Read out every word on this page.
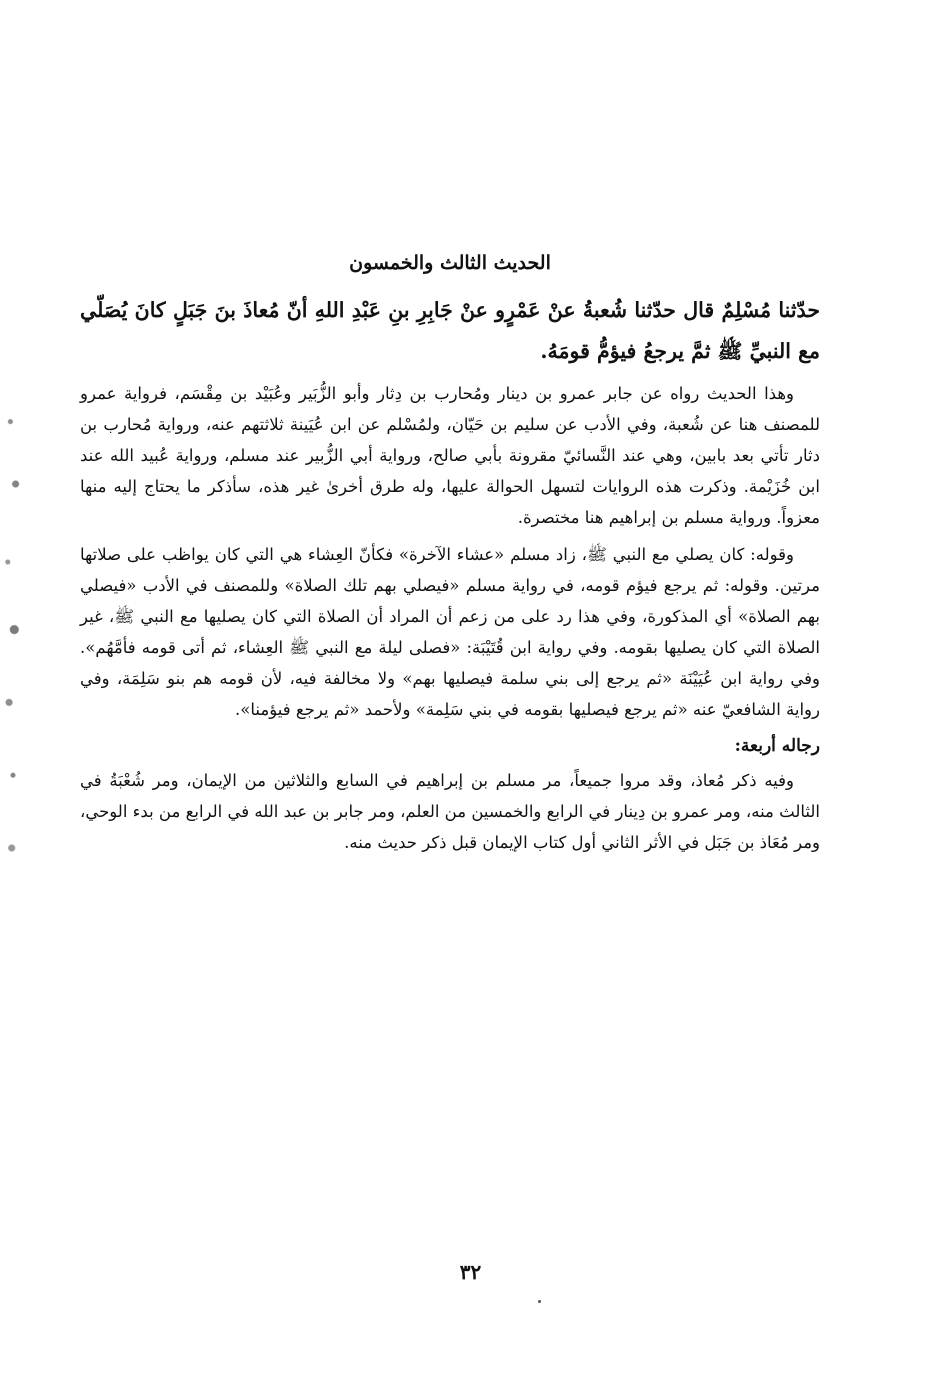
الحديث الثالث والخمسون
حدّثنا مُسْلِمٌ قال حدّثنا شُعبةُ عنْ عَمْرٍو عنْ جَابِرِ بنِ عَبْدِ اللهِ أنّ مُعاذَ بنَ جَبَلٍ كانَ يُصَلّي مع النبيِّ ﷺ ثمَّ يرجعُ فيؤمُّ قومَهُ.
وهذا الحديث رواه عن جابر عمرو بن دينار ومُحارب بن دِثار وأبو الزُّبَير وعُبَيْد بن مِقْسَم، فرواية عمرو للمصنف هنا عن شُعبة، وفي الأدب عن سليم بن حَيّان، ولمُسْلم عن ابن عُيَينة ثلاثتهم عنه، ورواية مُحارب بن دثار تأتي بعد بابين، وهي عند النَّسائيّ مقرونة بأبي صالح، ورواية أبي الزُّبير عند مسلم، ورواية عُبيد الله عند ابن خُزَيْمة. وذكرت هذه الروايات لتسهل الحوالة عليها، وله طرق أخرىٰ غير هذه، سأذكر ما يحتاج إليه منها معزواً. ورواية مسلم بن إبراهيم هنا مختصرة.
وقوله: كان يصلي مع النبي ﷺ، زاد مسلم «عشاء الآخرة» فكأنّ العِشاء هي التي كان يواظب على صلاتها مرتين. وقوله: ثم يرجع فيؤم قومه، في رواية مسلم «فيصلي بهم تلك الصلاة» وللمصنف في الأدب «فيصلي بهم الصلاة» أي المذكورة، وفي هذا رد على من زعم أن المراد أن الصلاة التي كان يصليها مع النبي ﷺ، غير الصلاة التي كان يصليها بقومه. وفي رواية ابن قُتَيْبَة: «فصلى ليلة مع النبي ﷺ العِشاء، ثم أتى قومه فأمَّهُم». وفي رواية ابن عُيَيْنَة «ثم يرجع إلى بني سلمة فيصليها بهم» ولا مخالفة فيه، لأن قومه هم بنو سَلِمَة، وفي رواية الشافعيّ عنه «ثم يرجع فيصليها بقومه في بني سَلِمة» ولأحمد «ثم يرجع فيؤمنا».
رجاله أربعة:
وفيه ذكر مُعاذ، وقد مروا جميعاً، مر مسلم بن إبراهيم في السابع والثلاثين من الإيمان، ومر شُعْبَةُ في الثالث منه، ومر عمرو بن دِينار في الرابع والخمسين من العلم، ومر جابر بن عبد الله في الرابع من بدء الوحي، ومر مُعَاذ بن جَبَل في الأثر الثاني أول كتاب الإيمان قبل ذكر حديث منه.
٣٢
